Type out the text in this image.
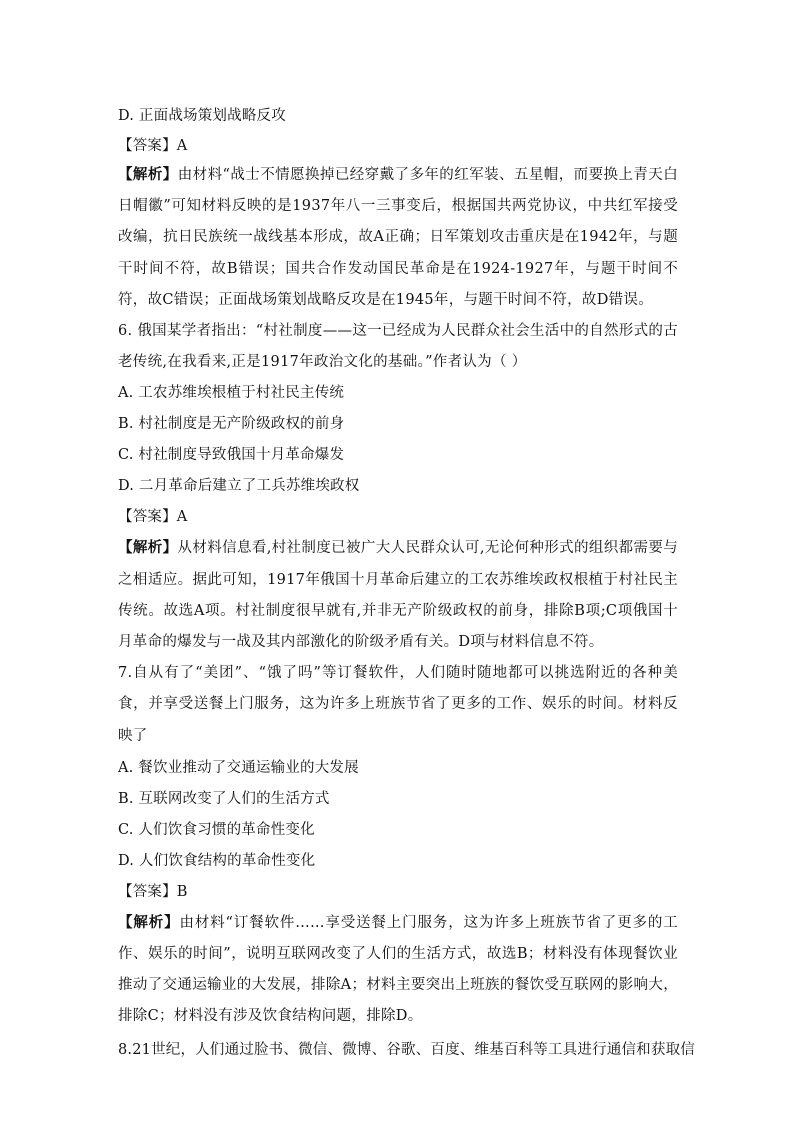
D. 正面战场策划战略反攻
【答案】A

【解析】由材料“战士不情愿换掉已经穿戴了多年的红军装、五星帽，而要换上青天白日帽徽”可知材料反映的是1937年八一三事变后，根据国共两党协议，中共红军接受改编，抗日民族统一战线基本形成，故A正确；日军策划攻击重庆是在1942年，与题干时间不符，故B错误；国共合作发动国民革命是在1924-1927年，与题干时间不符，故C错误；正面战场策划战略反攻是在1945年，与题干时间不符，故D错误。

6. 俄国某学者指出：“村社制度——这一已经成为人民群众社会生活中的自然形式的古老传统,在我看来,正是1917年政治文化的基础。”作者认为（ ）

A. 工农苏维埃根植于村社民主传统
B. 村社制度是无产阶级政权的前身
C. 村社制度导致俄国十月革命爆发
D. 二月革命后建立了工兵苏维埃政权
【答案】A

【解析】从材料信息看,村社制度已被广大人民群众认可,无论何种形式的组织都需要与之相适应。据此可知，1917年俄国十月革命后建立的工农苏维埃政权根植于村社民主传统。故选A项。村社制度很早就有,并非无产阶级政权的前身，排除B项;C项俄国十月革命的爆发与一战及其内部激化的阶级矛盾有关。D项与材料信息不符。

7.自从有了“美团”、“饿了吗”等订餐软件，人们随时随地都可以挑选附近的各种美食，并享受送餐上门服务，这为许多上班族节省了更多的工作、娱乐的时间。材料反映了

A. 餐饮业推动了交通运输业的大发展
B. 互联网改变了人们的生活方式
C. 人们饮食习惯的革命性变化
D. 人们饮食结构的革命性变化
【答案】B

【解析】由材料“订餐软件……享受送餐上门服务，这为许多上班族节省了更多的工作、娱乐的时间”，说明互联网改变了人们的生活方式，故选B；材料没有体现餐饮业推动了交通运输业的大发展，排除A；材料主要突出上班族的餐饮受互联网的影响大，排除C；材料没有涉及饮食结构问题，排除D。

8.21世纪，人们通过脸书、微信、微博、谷歌、百度、维基百科等工具进行通信和获取信
